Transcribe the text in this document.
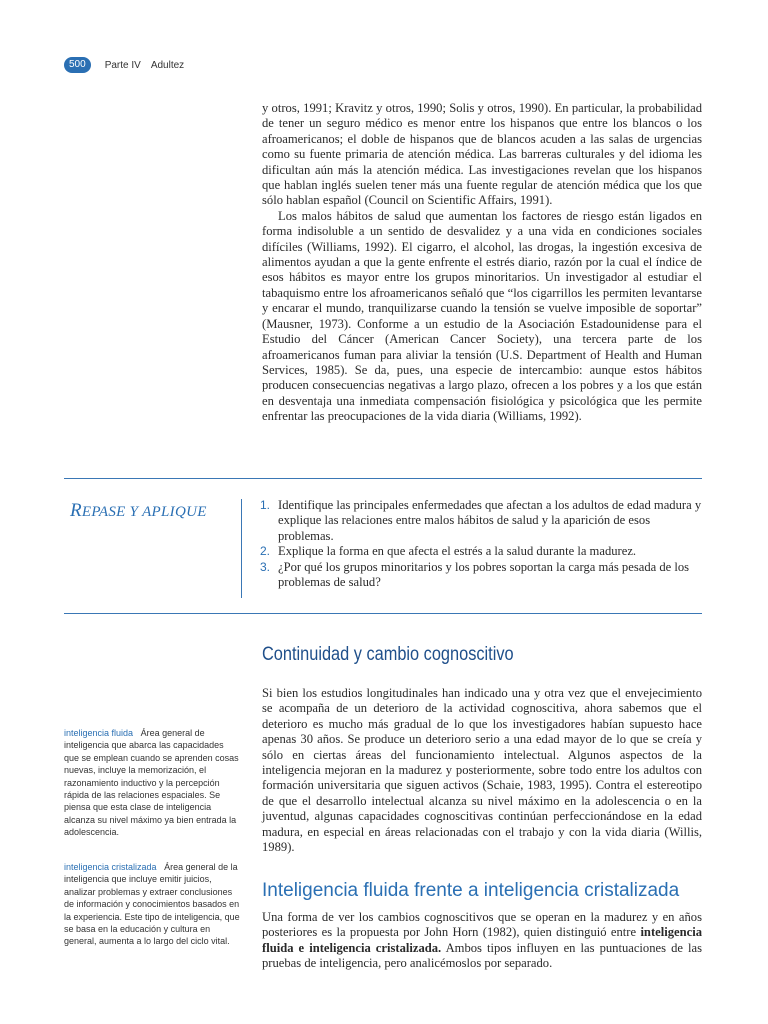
500	Parte IV Adultez

y otros, 1991; Kravitz y otros, 1990; Solis y otros, 1990). En particular, la probabilidad de tener un seguro médico es menor entre los hispanos que entre los blancos o los afroamericanos; el doble de hispanos que de blancos acuden a las salas de urgencias como su fuente primaria de atención médica. Las barreras culturales y del idioma les dificultan aún más la atención médica. Las investigaciones revelan que los hispanos que hablan inglés suelen tener más una fuente regular de atención médica que los que sólo hablan español (Council on Scientific Affairs, 1991).

Los malos hábitos de salud que aumentan los factores de riesgo están ligados en forma indisoluble a un sentido de desvalidez y a una vida en condiciones sociales difíciles (Williams, 1992). El cigarro, el alcohol, las drogas, la ingestión excesiva de alimentos ayudan a que la gente enfrente el estrés diario, razón por la cual el índice de esos hábitos es mayor entre los grupos minoritarios. Un investigador al estudiar el tabaquismo entre los afroamericanos señaló que “los cigarrillos les permiten levantarse y encarar el mundo, tranquilizarse cuando la tensión se vuelve imposible de soportar” (Mausner, 1973). Conforme a un estudio de la Asociación Estadounidense para el Estudio del Cáncer (American Cancer Society), una tercera parte de los afroamericanos fuman para aliviar la tensión (U.S. Department of Health and Human Services, 1985). Se da, pues, una especie de intercambio: aunque estos hábitos producen consecuencias negativas a largo plazo, ofrecen a los pobres y a los que están en desventaja una inmediata compensación fisiológica y psicológica que les permite enfrentar las preocupaciones de la vida diaria (Williams, 1992).

REPASE Y APLIQUE	1. Identifique las principales enfermedades que afectan a los adultos de edad madura y explique las relaciones entre malos hábitos de salud y la aparición de esos problemas.
2. Explique la forma en que afecta el estrés a la salud durante la madurez.
3. ¿Por qué los grupos minoritarios y los pobres soportan la carga más pesada de los problemas de salud?
Continuidad y cambio cognoscitivo

Si bien los estudios longitudinales han indicado una y otra vez que el envejecimiento se acompaña de un deterioro de la actividad cognoscitiva, ahora sabemos que el deterioro es mucho más gradual de lo que los investigadores habían supuesto hace apenas 30 años. Se produce un deterioro serio a una edad mayor de lo que se creía y sólo en ciertas áreas del funcionamiento intelectual. Algunos aspectos de la inteligencia mejoran en la madurez y posteriormente, sobre todo entre los adultos con formación universitaria que siguen activos (Schaie, 1983, 1995). Contra el estereotipo de que el desarrollo intelectual alcanza su nivel máximo en la adolescencia o en la juventud, algunas capacidades cognoscitivas continúan perfeccionándose en la edad madura, en especial en áreas relacionadas con el trabajo y con la vida diaria (Willis, 1989).

Inteligencia fluida frente a inteligencia cristalizada

Una forma de ver los cambios cognoscitivos que se operan en la madurez y en años posteriores es la propuesta por John Horn (1982), quien distinguió entre inteligencia fluida e inteligencia cristalizada. Ambos tipos influyen en las puntuaciones de las pruebas de inteligencia, pero analicémoslos por separado.

inteligencia fluida Área general de inteligencia que abarca las capacidades que se emplean cuando se aprenden cosas nuevas, incluye la memorización, el razonamiento inductivo y la percepción rápida de las relaciones espaciales. Se piensa que esta clase de inteligencia alcanza su nivel máximo ya bien entrada la adolescencia.
inteligencia cristalizada Área general de la inteligencia que incluye emitir juicios, analizar problemas y extraer conclusiones de información y conocimientos basados en la experiencia. Este tipo de inteligencia, que se basa en la educación y cultura en general, aumenta a lo largo del ciclo vital.
